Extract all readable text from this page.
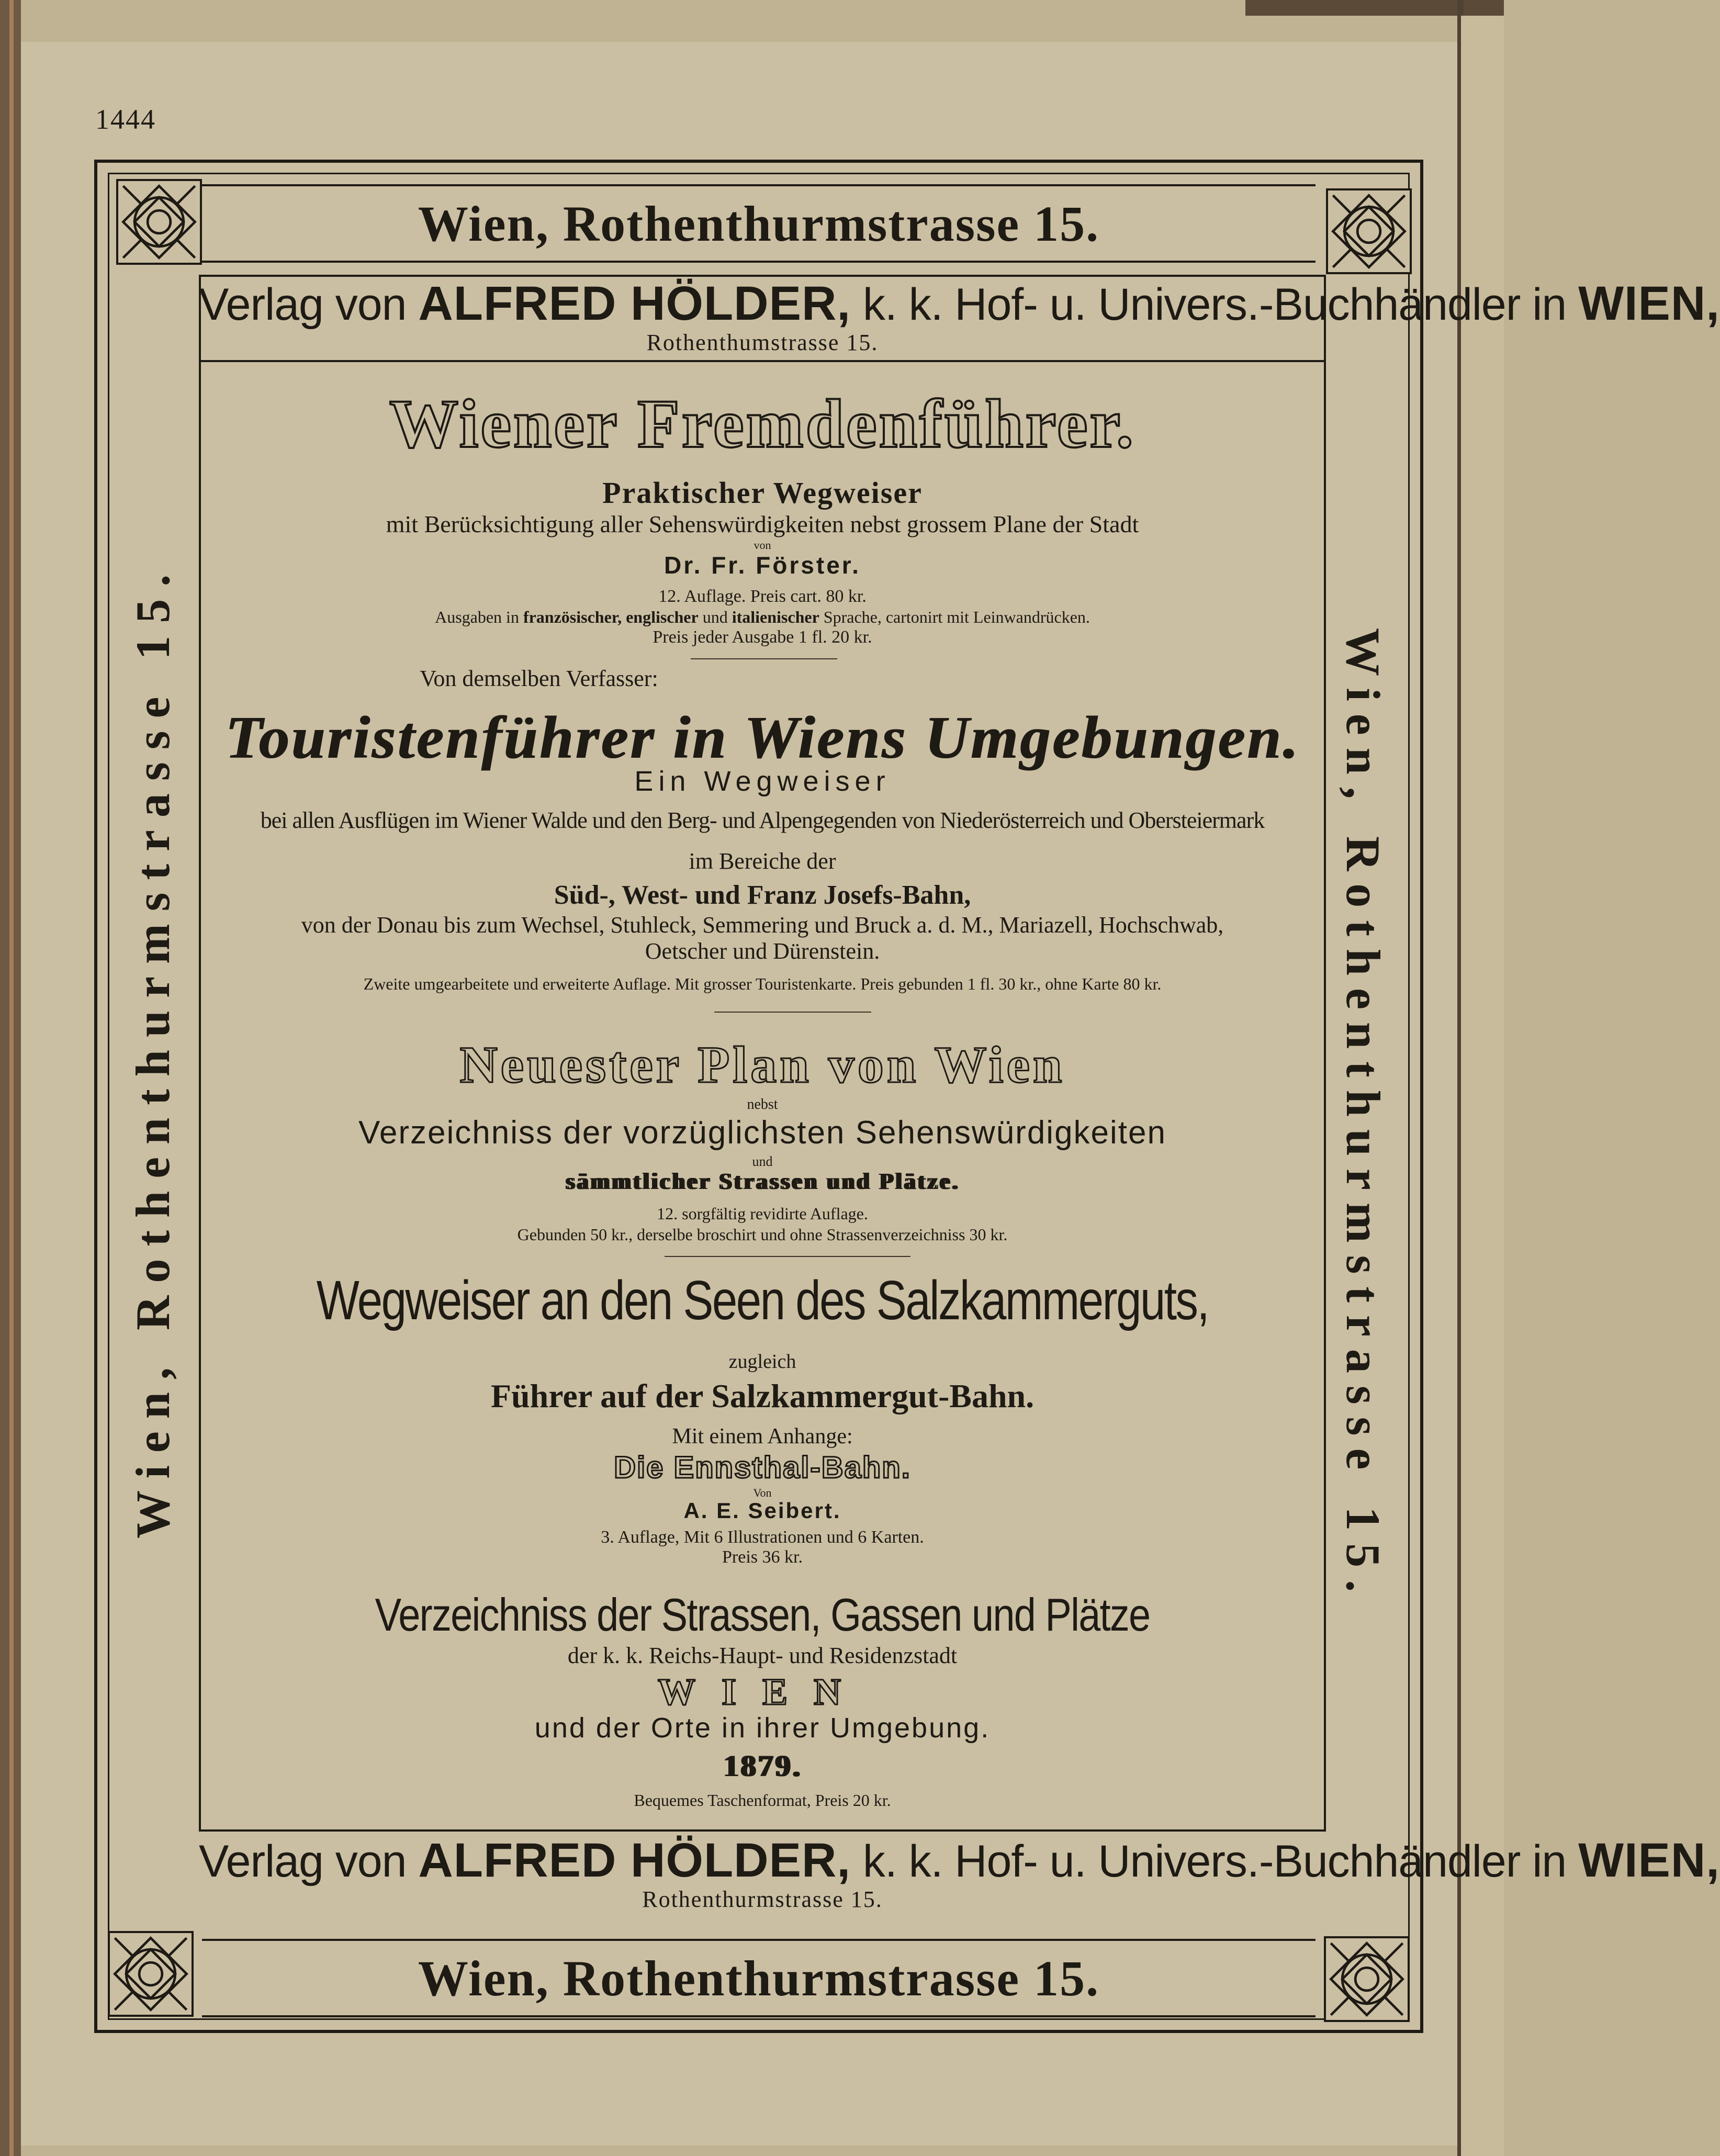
1444
Wien, Rothenthurmstrasse 15.
Wien, Rothenthurmstrasse 15.
Wien, Rothenthurmstrasse 15.	Wien, Rothenthurmstrasse 15.
Verlag von ALFRED HÖLDER, k. k. Hof- u. Univers.-Buchhändler in WIEN,
Rothenthumstrasse 15.
Wiener Fremdenführer.
Praktischer Wegweiser
mit Berücksichtigung aller Sehenswürdigkeiten nebst grossem Plane der Stadt
von
Dr. Fr. Förster.
12. Auflage. Preis cart. 80 kr.
Ausgaben in französischer, englischer und italienischer Sprache, cartonirt mit Leinwandrücken.
Preis jeder Ausgabe 1 fl. 20 kr.
Von demselben Verfasser:
Touristenführer in Wiens Umgebungen.
Ein Wegweiser
bei allen Ausflügen im Wiener Walde und den Berg- und Alpengegenden von Niederösterreich und Obersteiermark
im Bereiche der
Süd-, West- und Franz Josefs-Bahn,
von der Donau bis zum Wechsel, Stuhleck, Semmering und Bruck a. d. M., Mariazell, Hochschwab,
Oetscher und Dürenstein.
Zweite umgearbeitete und erweiterte Auflage. Mit grosser Touristenkarte. Preis gebunden 1 fl. 30 kr., ohne Karte 80 kr.
Neuester Plan von Wien
nebst
Verzeichniss der vorzüglichsten Sehenswürdigkeiten
und
sämmtlicher Strassen und Plätze.
12. sorgfältig revidirte Auflage.
Gebunden 50 kr., derselbe broschirt und ohne Strassenverzeichniss 30 kr.
Wegweiser an den Seen des Salzkammerguts,
zugleich
Führer auf der Salzkammergut-Bahn.
Mit einem Anhange:
Die Ennsthal-Bahn.
Von
A. E. Seibert.
3. Auflage, Mit 6 Illustrationen und 6 Karten.
Preis 36 kr.
Verzeichniss der Strassen, Gassen und Plätze
der k. k. Reichs-Haupt- und Residenzstadt
WIEN
und der Orte in ihrer Umgebung.
1879.
Bequemes Taschenformat, Preis 20 kr.
Verlag von ALFRED HÖLDER, k. k. Hof- u. Univers.-Buchhändler in WIEN,
Rothenthurmstrasse 15.
